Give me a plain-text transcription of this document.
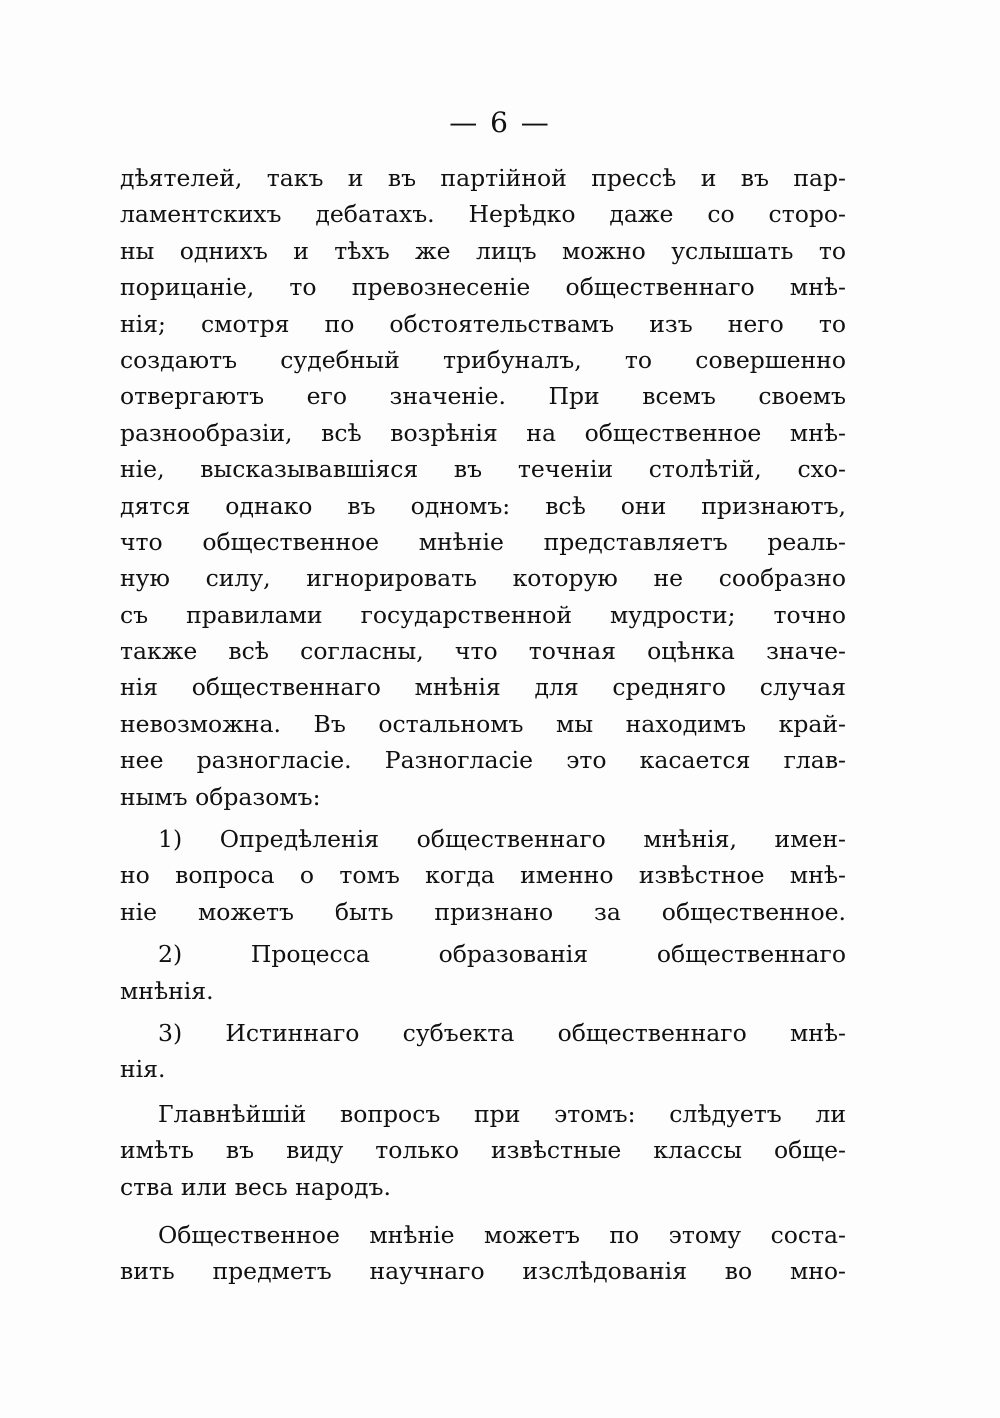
— 6 —
дѣятелей, такъ и въ партійной прессѣ и въ пар-
ламентскихъ дебатахъ. Нерѣдко даже со сторо-
ны однихъ и тѣхъ же лицъ можно услышать то
порицаніе, то превознесеніе общественнаго мнѣ-
нія; смотря по обстоятельствамъ изъ него то
создаютъ судебный трибуналъ, то совершенно
отвергаютъ его значеніе. При всемъ своемъ
разнообразіи, всѣ возрѣнія на общественное мнѣ-
ніе, высказывавшіяся въ теченіи столѣтій, схо-
дятся однако въ одномъ: всѣ они признаютъ,
что общественное мнѣніе представляетъ реаль-
ную силу, игнорировать которую не сообразно
съ правилами государственной мудрости; точно
также всѣ согласны, что точная оцѣнка значе-
нія общественнаго мнѣнія для средняго случая
невозможна. Въ остальномъ мы находимъ край-
нее разногласіе. Разногласіе это касается глав-
нымъ образомъ:
1) Опредѣленія общественнаго мнѣнія, имен-
но вопроса о томъ когда именно извѣстное мнѣ-
ніе можетъ быть признано за общественное.
2) Процесса образованія общественнаго
мнѣнія.
3) Истиннаго субъекта общественнаго мнѣ-
нія.
Главнѣйшій вопросъ при этомъ: слѣдуетъ ли
имѣть въ виду только извѣстные классы обще-
ства или весь народъ.
Общественное мнѣніе можетъ по этому соста-
вить предметъ научнаго изслѣдованія во мно-
